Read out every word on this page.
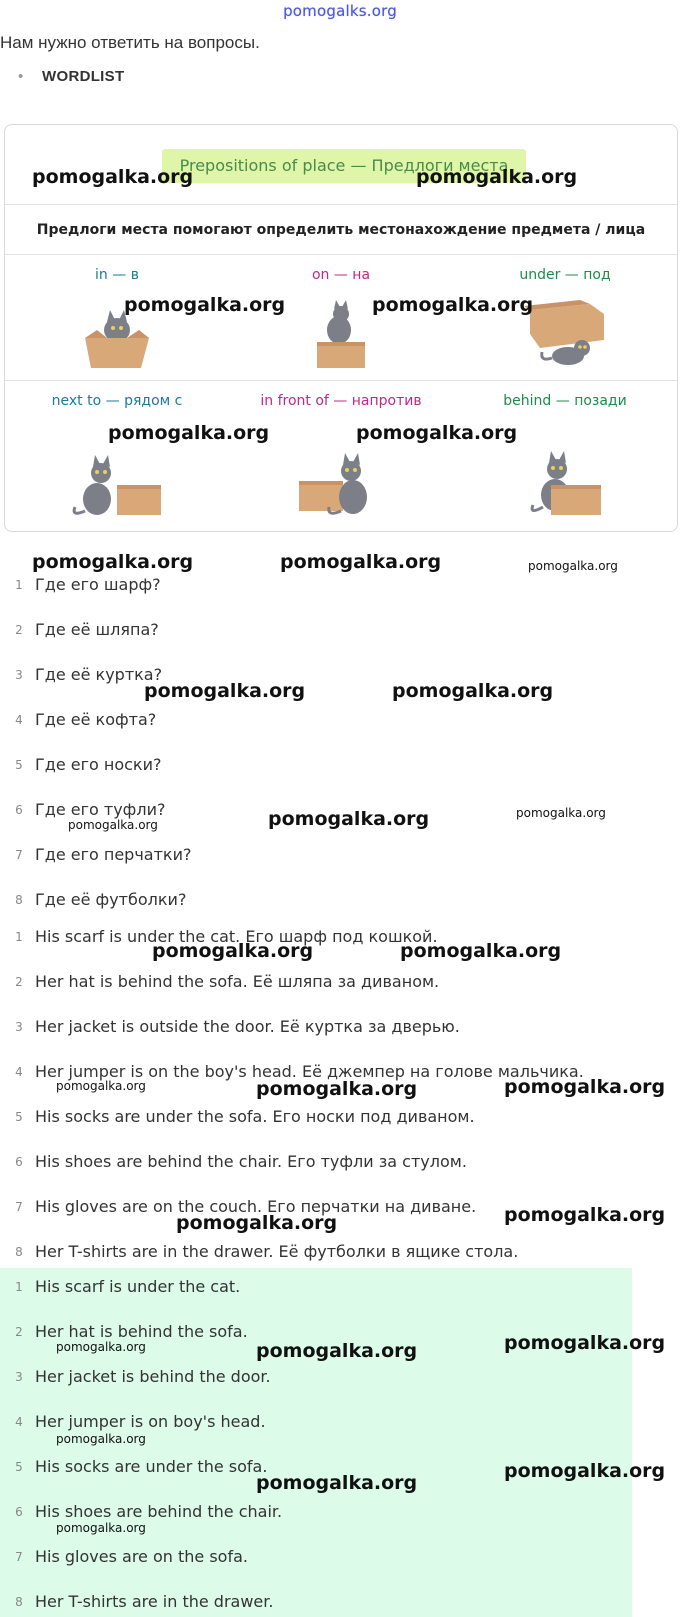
pomogalks.org
Нам нужно ответить на вопросы.
• WORDLIST
Prepositions of place — Предлоги места
Предлоги места помогают определить местонахождение предмета / лица
in — в	on — на	under — под
next to — рядом с	in front of — напротив	behind — позади
1 Где его шарф?
2 Где её шляпа?
3 Где её куртка?
4 Где её кофта?
5 Где его носки?
6 Где его туфли?
7 Где его перчатки?
8 Где её футболки?
1 His scarf is under the cat. Его шарф под кошкой.
2 Her hat is behind the sofa. Её шляпа за диваном.
3 Her jacket is outside the door. Её куртка за дверью.
4 Her jumper is on the boy's head. Её джемпер на голове мальчика.
5 His socks are under the sofa. Его носки под диваном.
6 His shoes are behind the chair. Его туфли за стулом.
7 His gloves are on the couch. Его перчатки на диване.
8 Her T-shirts are in the drawer. Её футболки в ящике стола.
1 His scarf is under the cat.
2 Her hat is behind the sofa.
3 Her jacket is behind the door.
4 Her jumper is on boy's head.
5 His socks are under the sofa.
6 His shoes are behind the chair.
7 His gloves are on the sofa.
8 Her T-shirts are in the drawer.
pomogalka.org	pomogalka.org
pomogalka.org	pomogalka.org
pomogalka.org	pomogalka.org
pomogalka.org	pomogalka.org	pomogalka.org
pomogalka.org	pomogalka.org
pomogalka.org	pomogalka.org	pomogalka.org
pomogalka.org	pomogalka.org
pomogalka.org	pomogalka.org	pomogalka.org
pomogalka.org	pomogalka.org
pomogalka.org	pomogalka.org	pomogalka.org
pomogalka.org
pomogalka.org
pomogalka.org
pomogalka.org
